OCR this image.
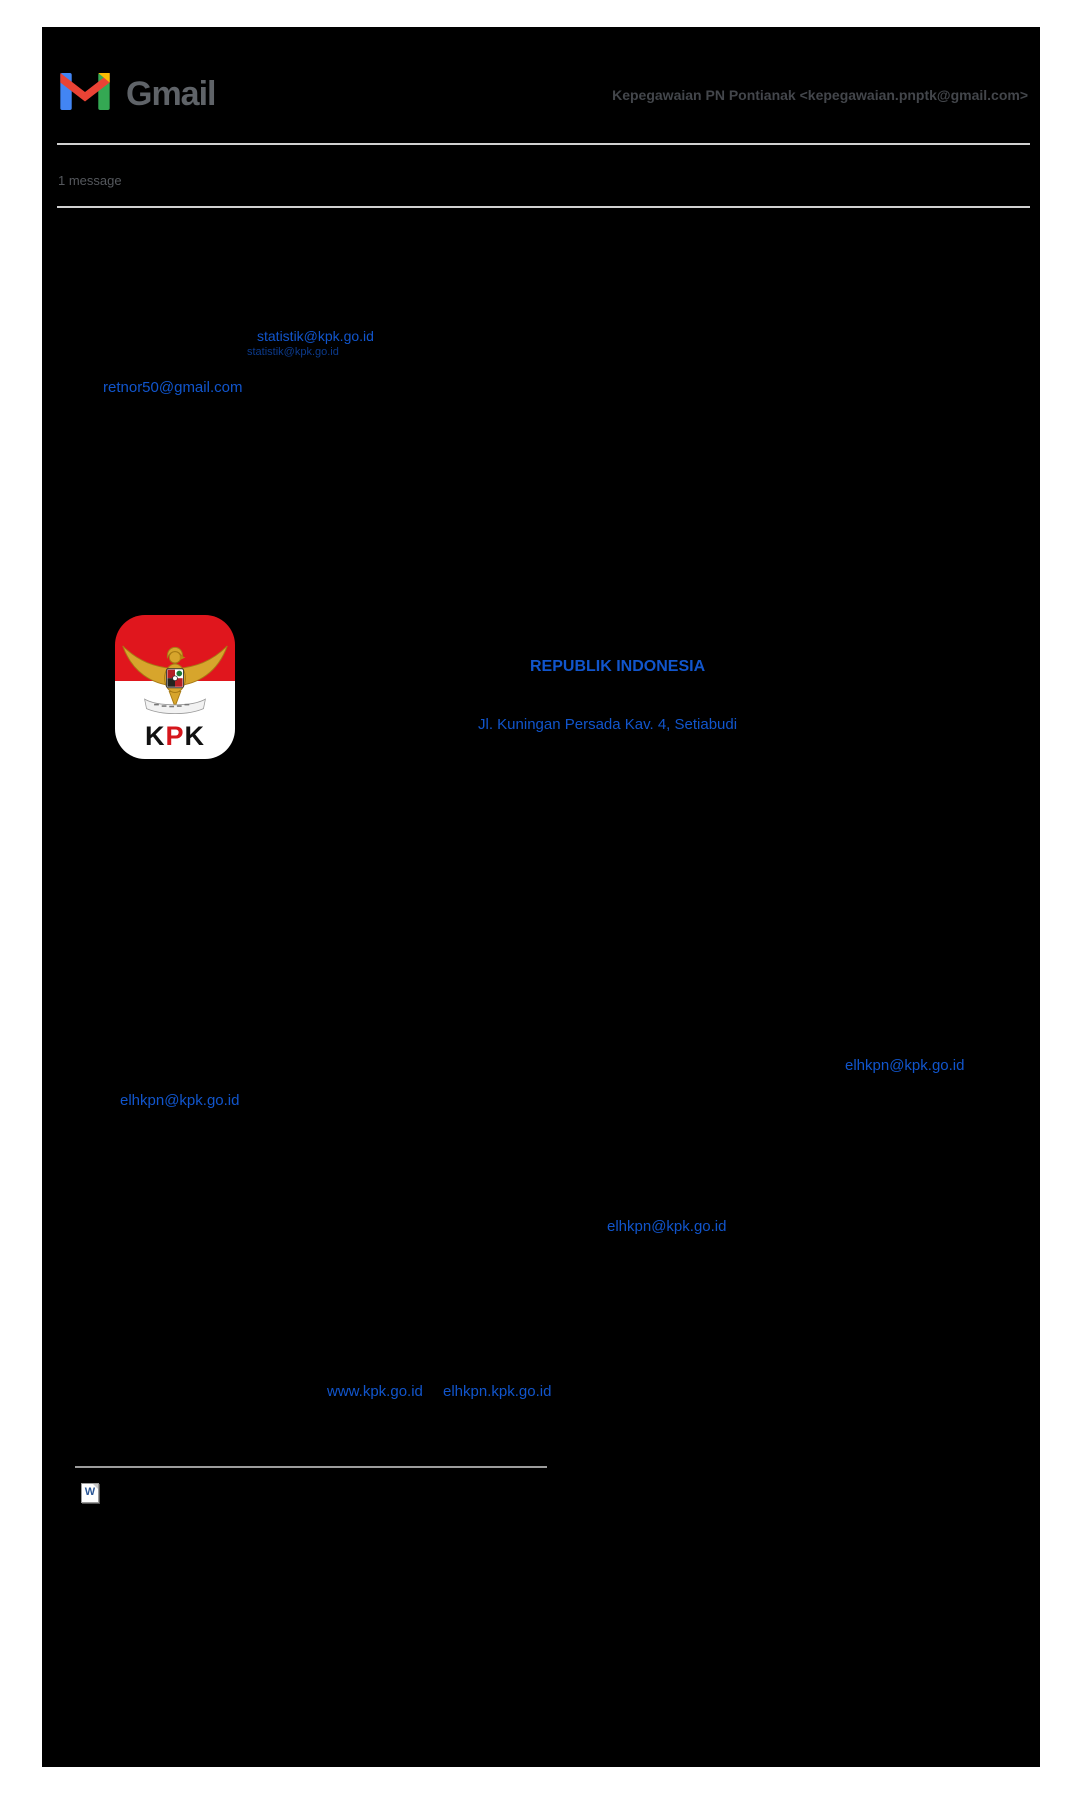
Gmail	Kepegawaian PN Pontianak <kepegawaian.pnptk@gmail.com>
1 message
statistik@kpk.go.id
statistik@kpk.go.id
retnor50@gmail.com
KPK
REPUBLIK INDONESIA
Jl. Kuningan Persada Kav. 4, Setiabudi
elhkpn@kpk.go.id
elhkpn@kpk.go.id
elhkpn@kpk.go.id
www.kpk.go.id elhkpn.kpk.go.id
W
